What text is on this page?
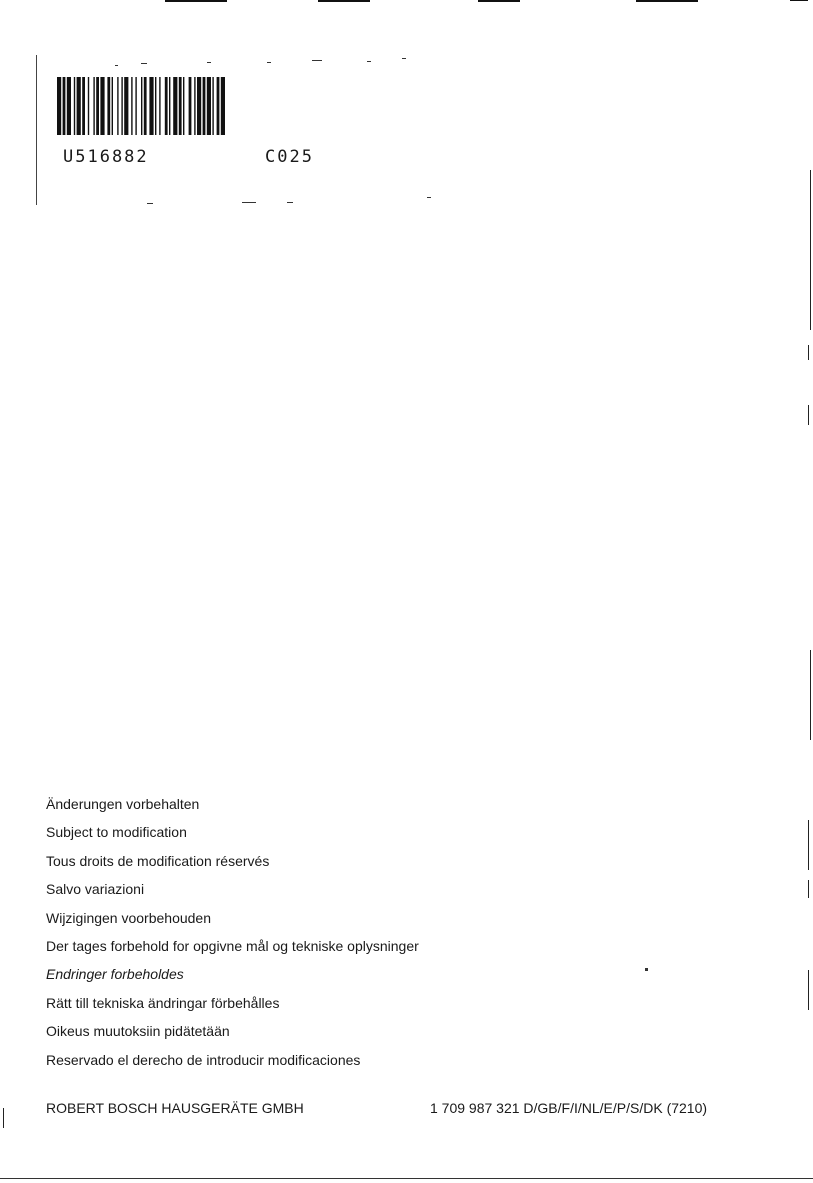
U516882	C025
Änderungen vorbehalten
Subject to modification
Tous droits de modification réservés
Salvo variazioni
Wijzigingen voorbehouden
Der tages forbehold for opgivne mål og tekniske oplysninger
Endringer forbeholdes
Rätt till tekniska ändringar förbehålles
Oikeus muutoksiin pidätetään
Reservado el derecho de introducir modificaciones
ROBERT BOSCH HAUSGERÄTE GMBH	1 709 987 321 D/GB/F/I/NL/E/P/S/DK (7210)
